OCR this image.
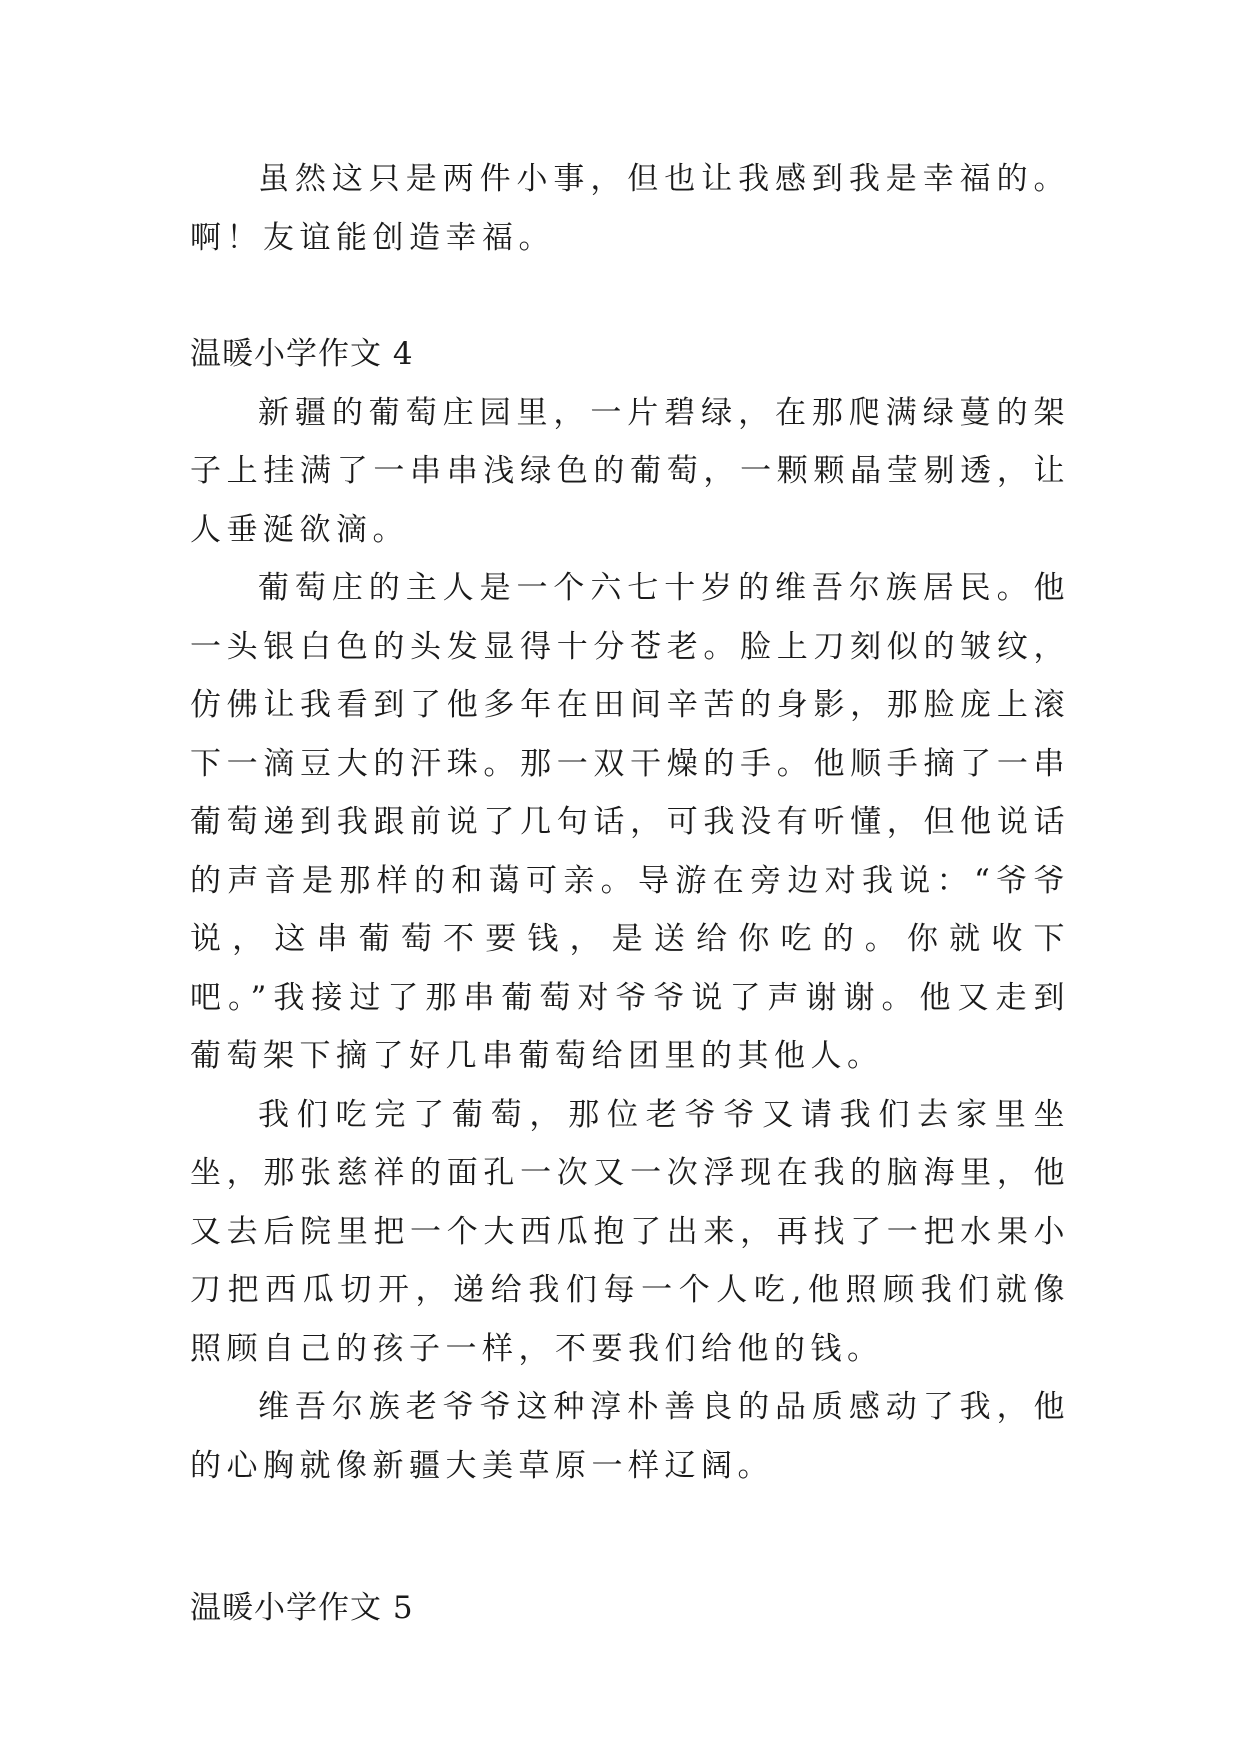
虽然这只是两件小事，但也让我感到我是幸福的。啊！友谊能创造幸福。

温暖小学作文 4

新疆的葡萄庄园里，一片碧绿，在那爬满绿蔓的架子上挂满了一串串浅绿色的葡萄，一颗颗晶莹剔透，让人垂涎欲滴。

葡萄庄的主人是一个六七十岁的维吾尔族居民。他一头银白色的头发显得十分苍老。脸上刀刻似的皱纹，仿佛让我看到了他多年在田间辛苦的身影，那脸庞上滚下一滴豆大的汗珠。那一双干燥的手。他顺手摘了一串葡萄递到我跟前说了几句话，可我没有听懂，但他说话的声音是那样的和蔼可亲。导游在旁边对我说：“爷爷说，这串葡萄不要钱，是送给你吃的。你就收下吧。”我接过了那串葡萄对爷爷说了声谢谢。他又走到葡萄架下摘了好几串葡萄给团里的其他人。

我们吃完了葡萄，那位老爷爷又请我们去家里坐坐，那张慈祥的面孔一次又一次浮现在我的脑海里，他又去后院里把一个大西瓜抱了出来，再找了一把水果小刀把西瓜切开，递给我们每一个人吃,他照顾我们就像照顾自己的孩子一样，不要我们给他的钱。

维吾尔族老爷爷这种淳朴善良的品质感动了我，他的心胸就像新疆大美草原一样辽阔。

温暖小学作文 5
